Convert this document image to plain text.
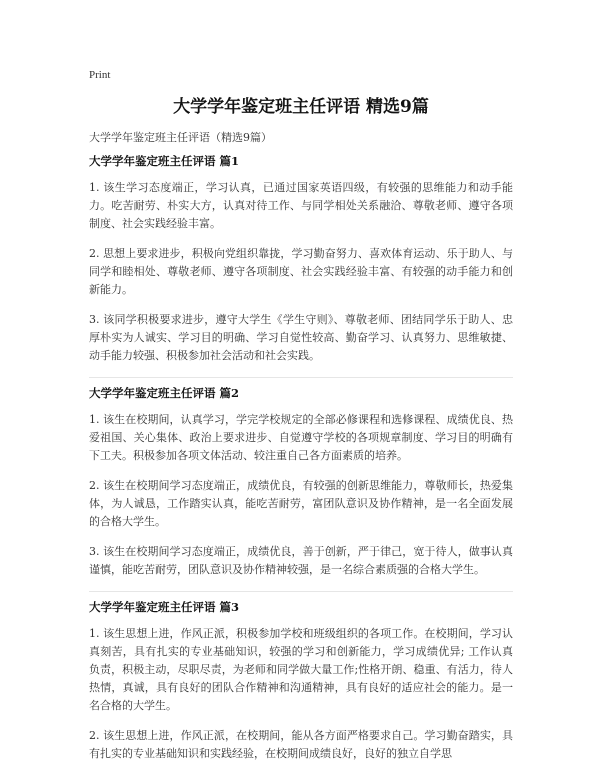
Print
大学学年鉴定班主任评语 精选9篇
大学学年鉴定班主任评语（精选9篇）
大学学年鉴定班主任评语 篇1
1. 该生学习态度端正，学习认真，已通过国家英语四级，有较强的思维能力和动手能力。吃苦耐劳、朴实大方，认真对待工作、与同学相处关系融洽、尊敬老师、遵守各项制度、社会实践经验丰富。
2. 思想上要求进步，积极向党组织靠拢，学习勤奋努力、喜欢体育运动、乐于助人、与同学和睦相处、尊敬老师、遵守各项制度、社会实践经验丰富、有较强的动手能力和创新能力。
3. 该同学积极要求进步，遵守大学生《学生守则》、尊敬老师、团结同学乐于助人、忠厚朴实为人诚实、学习目的明确、学习自觉性较高、勤奋学习、认真努力、思维敏捷、动手能力较强、积极参加社会活动和社会实践。
大学学年鉴定班主任评语 篇2
1. 该生在校期间，认真学习，学完学校规定的全部必修课程和选修课程、成绩优良、热爱祖国、关心集体、政治上要求进步、自觉遵守学校的各项规章制度、学习目的明确有下工夫。积极参加各项文体活动、较注重自己各方面素质的培养。
2. 该生在校期间学习态度端正，成绩优良，有较强的创新思维能力，尊敬师长，热爱集体，为人诚恳，工作踏实认真，能吃苦耐劳，富团队意识及协作精神，是一名全面发展的合格大学生。
3. 该生在校期间学习态度端正，成绩优良，善于创新，严于律己，宽于待人，做事认真谨慎，能吃苦耐劳，团队意识及协作精神较强，是一名综合素质强的合格大学生。
大学学年鉴定班主任评语 篇3
1. 该生思想上进，作风正派，积极参加学校和班级组织的各项工作。在校期间，学习认真刻苦，具有扎实的专业基础知识，较强的学习和创新能力，学习成绩优异; 工作认真负责，积极主动，尽职尽责，为老师和同学做大量工作;性格开朗、稳重、有活力，待人热情，真诚，具有良好的团队合作精神和沟通精神，具有良好的适应社会的能力。是一名合格的大学生。
2. 该生思想上进，作风正派，在校期间，能从各方面严格要求自己。学习勤奋踏实，具有扎实的专业基础知识和实践经验，在校期间成绩良好，良好的独立自学思
